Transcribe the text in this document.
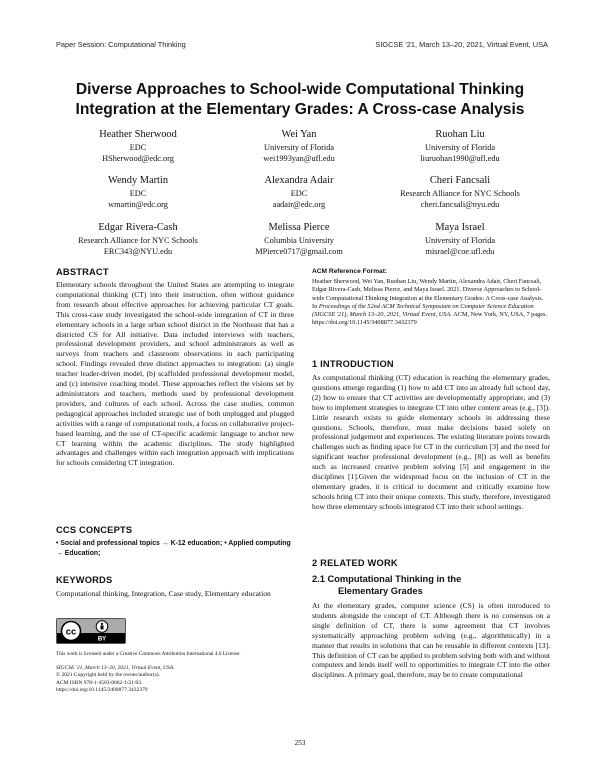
Paper Session: Computational Thinking	SIGCSE '21, March 13–20, 2021, Virtual Event, USA
Diverse Approaches to School-wide Computational Thinking
Integration at the Elementary Grades: A Cross-case Analysis
Heather Sherwood
EDC
HSherwood@edc.org
Wei Yan
University of Florida
wei1993yan@ufl.edu
Ruohan Liu
University of Florida
liuruohan1990@ufl.edu
Wendy Martin
EDC
wmartin@edc.org
Alexandra Adair
EDC
aadair@edc.org
Cheri Fancsali
Research Alliance for NYC Schools
cheri.fancsali@nyu.edu
Edgar Rivera-Cash
Research Alliance for NYC Schools
ERC343@NYU.edu
Melissa Pierce
Columbia University
MPierce0717@gmail.com
Maya Israel
University of Florida
misrael@coe.ufl.edu
ABSTRACT

Elementary schools throughout the United States are attempting to integrate computational thinking (CT) into their instruction, often without guidance from research about effective approaches for achieving particular CT goals. This cross-case study investigated the school-wide integration of CT in three elementary schools in a large urban school district in the Northeast that has a districted CS for All initiative. Data included interviews with teachers, professional development providers, and school administrators as well as surveys from teachers and classroom observations in each participating school. Findings revealed three distinct approaches to integration: (a) single teacher leader-driven model, (b) scaffolded professional development model, and (c) intensive coaching model. These approaches reflect the visions set by administrators and teachers, methods used by professional development providers, and cultures of each school. Across the case studies, common pedagogical approaches included strategic use of both unplugged and plugged activities with a range of computational tools, a focus on collaborative project-based learning, and the use of CT-specific academic language to anchor new CT learning within the academic disciplines. The study highlighted advantages and challenges within each integration approach with implications for schools considering CT integration.

CCS CONCEPTS

• Social and professional topics → K-12 education; • Applied computing → Education;

KEYWORDS

Computational thinking, Integration, Case study, Elementary education

cc
BY
This work is licensed under a Creative Commons Attribution International 4.0 License.
SIGCSE '21, March 13–20, 2021, Virtual Event, USA.
© 2021 Copyright held by the owner/author(s).
ACM ISBN 978-1-4503-8062-1/21/03.
https://doi.org/10.1145/3408877.3432379
ACM Reference Format:

Heather Sherwood, Wei Yan, Ruohan Liu, Wendy Martin, Alexandra Adair, Cheri Fancsali, Edgar Rivera-Cash, Melissa Pierce, and Maya Israel. 2021. Diverse Approaches to School-wide Computational Thinking Integration at the Elementary Grades: A Cross-case Analysis. In Proceedings of the 52nd ACM Technical Symposium on Computer Science Education (SIGCSE '21), March 13–20, 2021, Virtual Event, USA. ACM, New York, NY, USA, 7 pages. https://doi.org/10.1145/3408877.3432379

1 INTRODUCTION

As computational thinking (CT) education is reaching the elementary grades, questions emerge regarding (1) how to add CT into an already full school day, (2) how to ensure that CT activities are developmentally appropriate, and (3) how to implement strategies to integrate CT into other content areas (e.g., [3]). Little research exists to guide elementary schools in addressing these questions. Schools, therefore, must make decisions based solely on professional judgement and experiences. The existing literature points towards challenges such as finding space for CT in the curriculum [3] and the need for significant teacher professional development (e.g., [8]) as well as benefits such as increased creative problem solving [5] and engagement in the disciplines [1].Given the widespread focus on the inclusion of CT in the elementary grades, it is critical to document and critically examine how schools bring CT into their unique contexts. This study, therefore, investigated how three elementary schools integrated CT into their school settings.

2 RELATED WORK
2.1 Computational Thinking in the
Elementary Grades

At the elementary grades, computer science (CS) is often introduced to students alongside the concept of CT. Although there is no consensus on a single definition of CT, there is some agreement that CT involves systematically approaching problem solving (e.g., algorithmically) in a manner that results in solutions that can be reusable in different contexts [13]. This definition of CT can be applied to problem solving both with and without computers and lends itself well to opportunities to integrate CT into the other disciplines. A primary goal, therefore, may be to create computational

253
